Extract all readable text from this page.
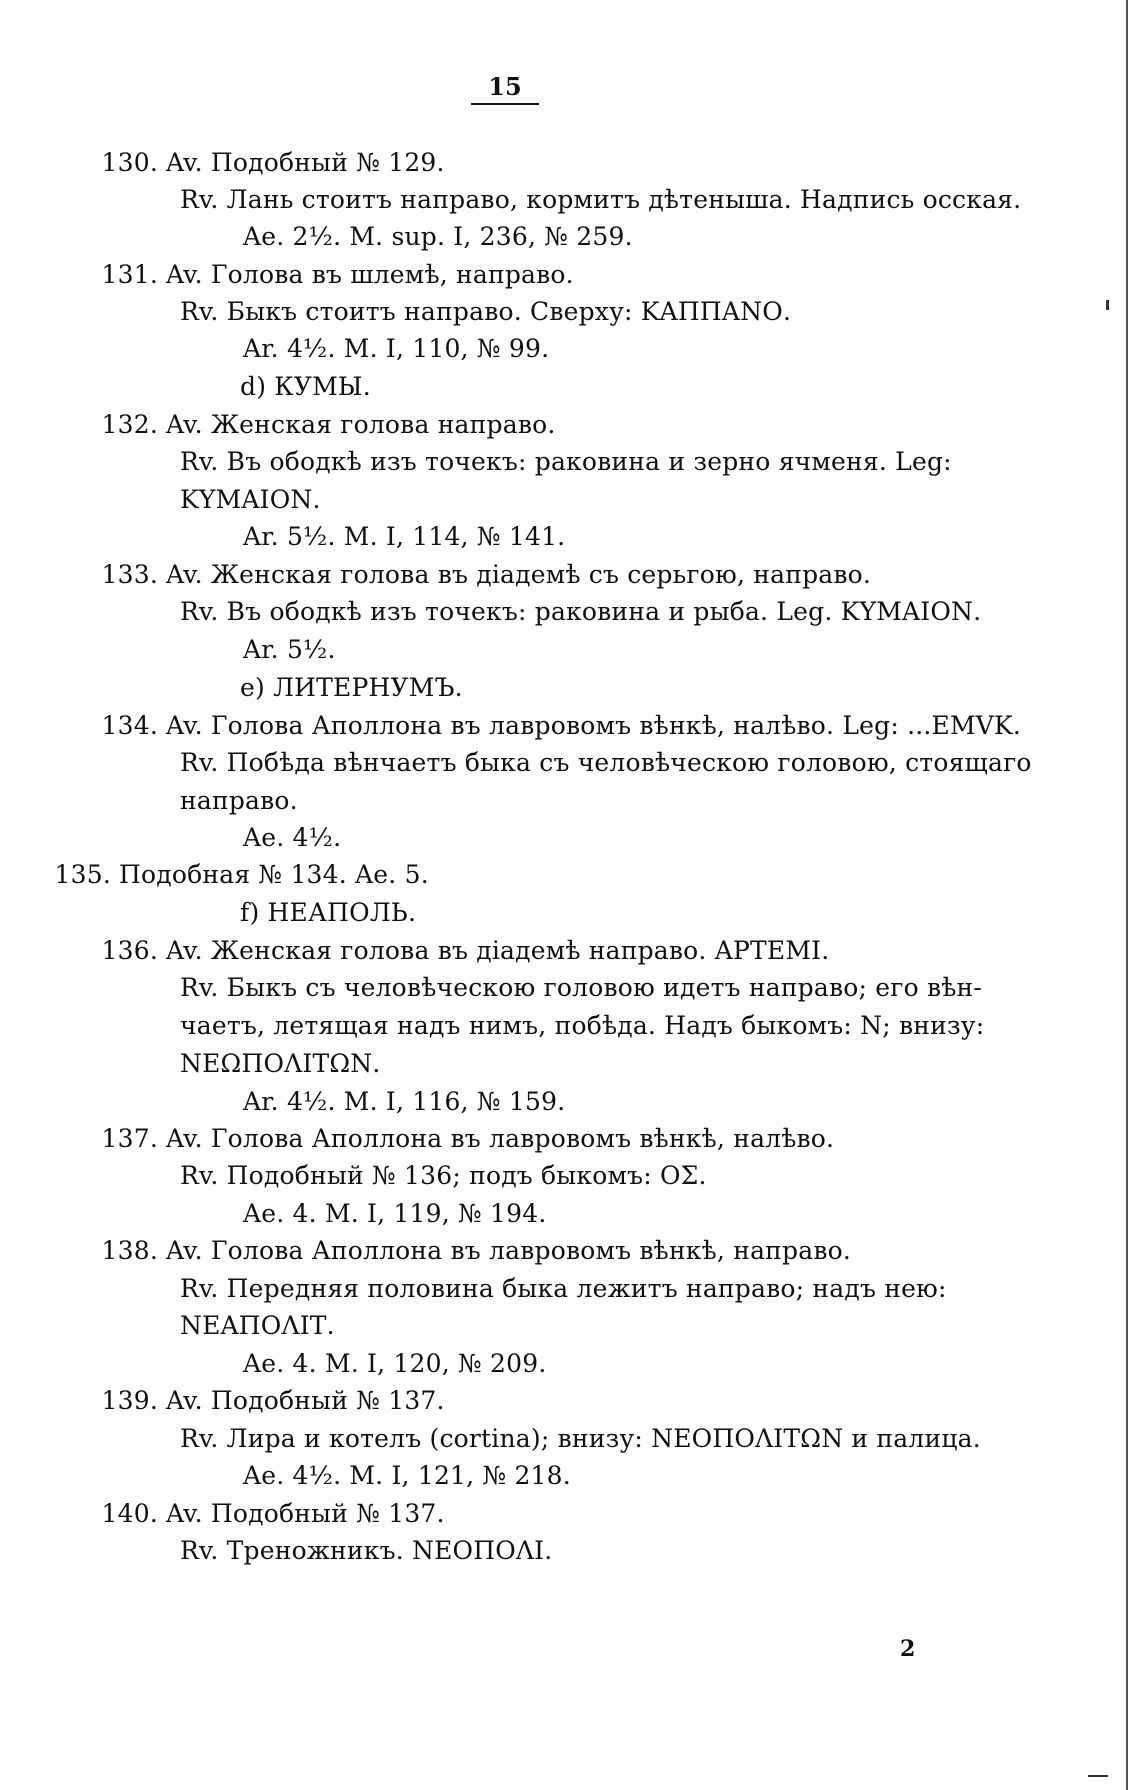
15
130. Av. Подобный № 129.
Rv. Лань стоитъ направо, кормитъ дѣтеныша. Надпись осская.
Ae. 2½. M. sup. I, 236, № 259.
131. Av. Голова въ шлемѣ, направо.
Rv. Быкъ стоитъ направо. Сверху: ΚΑΠΠΑΝΟ.
Ar. 4½. M. I, 110, № 99.
d) КУМЫ.
132. Av. Женская голова направо.
Rv. Въ ободкѣ изъ точекъ: раковина и зерно ячменя. Leg:
ΚΥΜΑΙΟΝ.
Ar. 5½. M. I, 114, № 141.
133. Av. Женская голова въ діадемѣ съ серьгою, направо.
Rv. Въ ободкѣ изъ точекъ: раковина и рыба. Leg. ΚΥΜΑΙΟΝ.
Ar. 5½.
e) ЛИТЕРНУМЪ.
134. Av. Голова Аполлона въ лавровомъ вѣнкѣ, налѣво. Leg: ...ΕΜVΚ.
Rv. Побѣда вѣнчаетъ быка съ человѣческою головою, стоящаго
направо.
Ae. 4½.
135. Подобная № 134. Ae. 5.
f) НЕАПОЛЬ.
136. Av. Женская голова въ діадемѣ направо. ΑΡΤΕΜΙ.
Rv. Быкъ съ человѣческою головою идетъ направо; его вѣн-
чаетъ, летящая надъ нимъ, побѣда. Надъ быкомъ: Ν; внизу:
ΝΕΩΠΟΛΙΤΩΝ.
Ar. 4½. M. I, 116, № 159.
137. Av. Голова Аполлона въ лавровомъ вѣнкѣ, налѣво.
Rv. Подобный № 136; подъ быкомъ: ΟΣ.
Ae. 4. M. I, 119, № 194.
138. Av. Голова Аполлона въ лавровомъ вѣнкѣ, направо.
Rv. Передняя половина быка лежитъ направо; надъ нею:
ΝΕΑΠΟΛΙΤ.
Ae. 4. M. I, 120, № 209.
139. Av. Подобный № 137.
Rv. Лира и котелъ (cortina); внизу: ΝΕΟΠΟΛΙΤΩΝ и палица.
Ae. 4½. M. I, 121, № 218.
140. Av. Подобный № 137.
Rv. Треножникъ. ΝΕΟΠΟΛΙ.
2
